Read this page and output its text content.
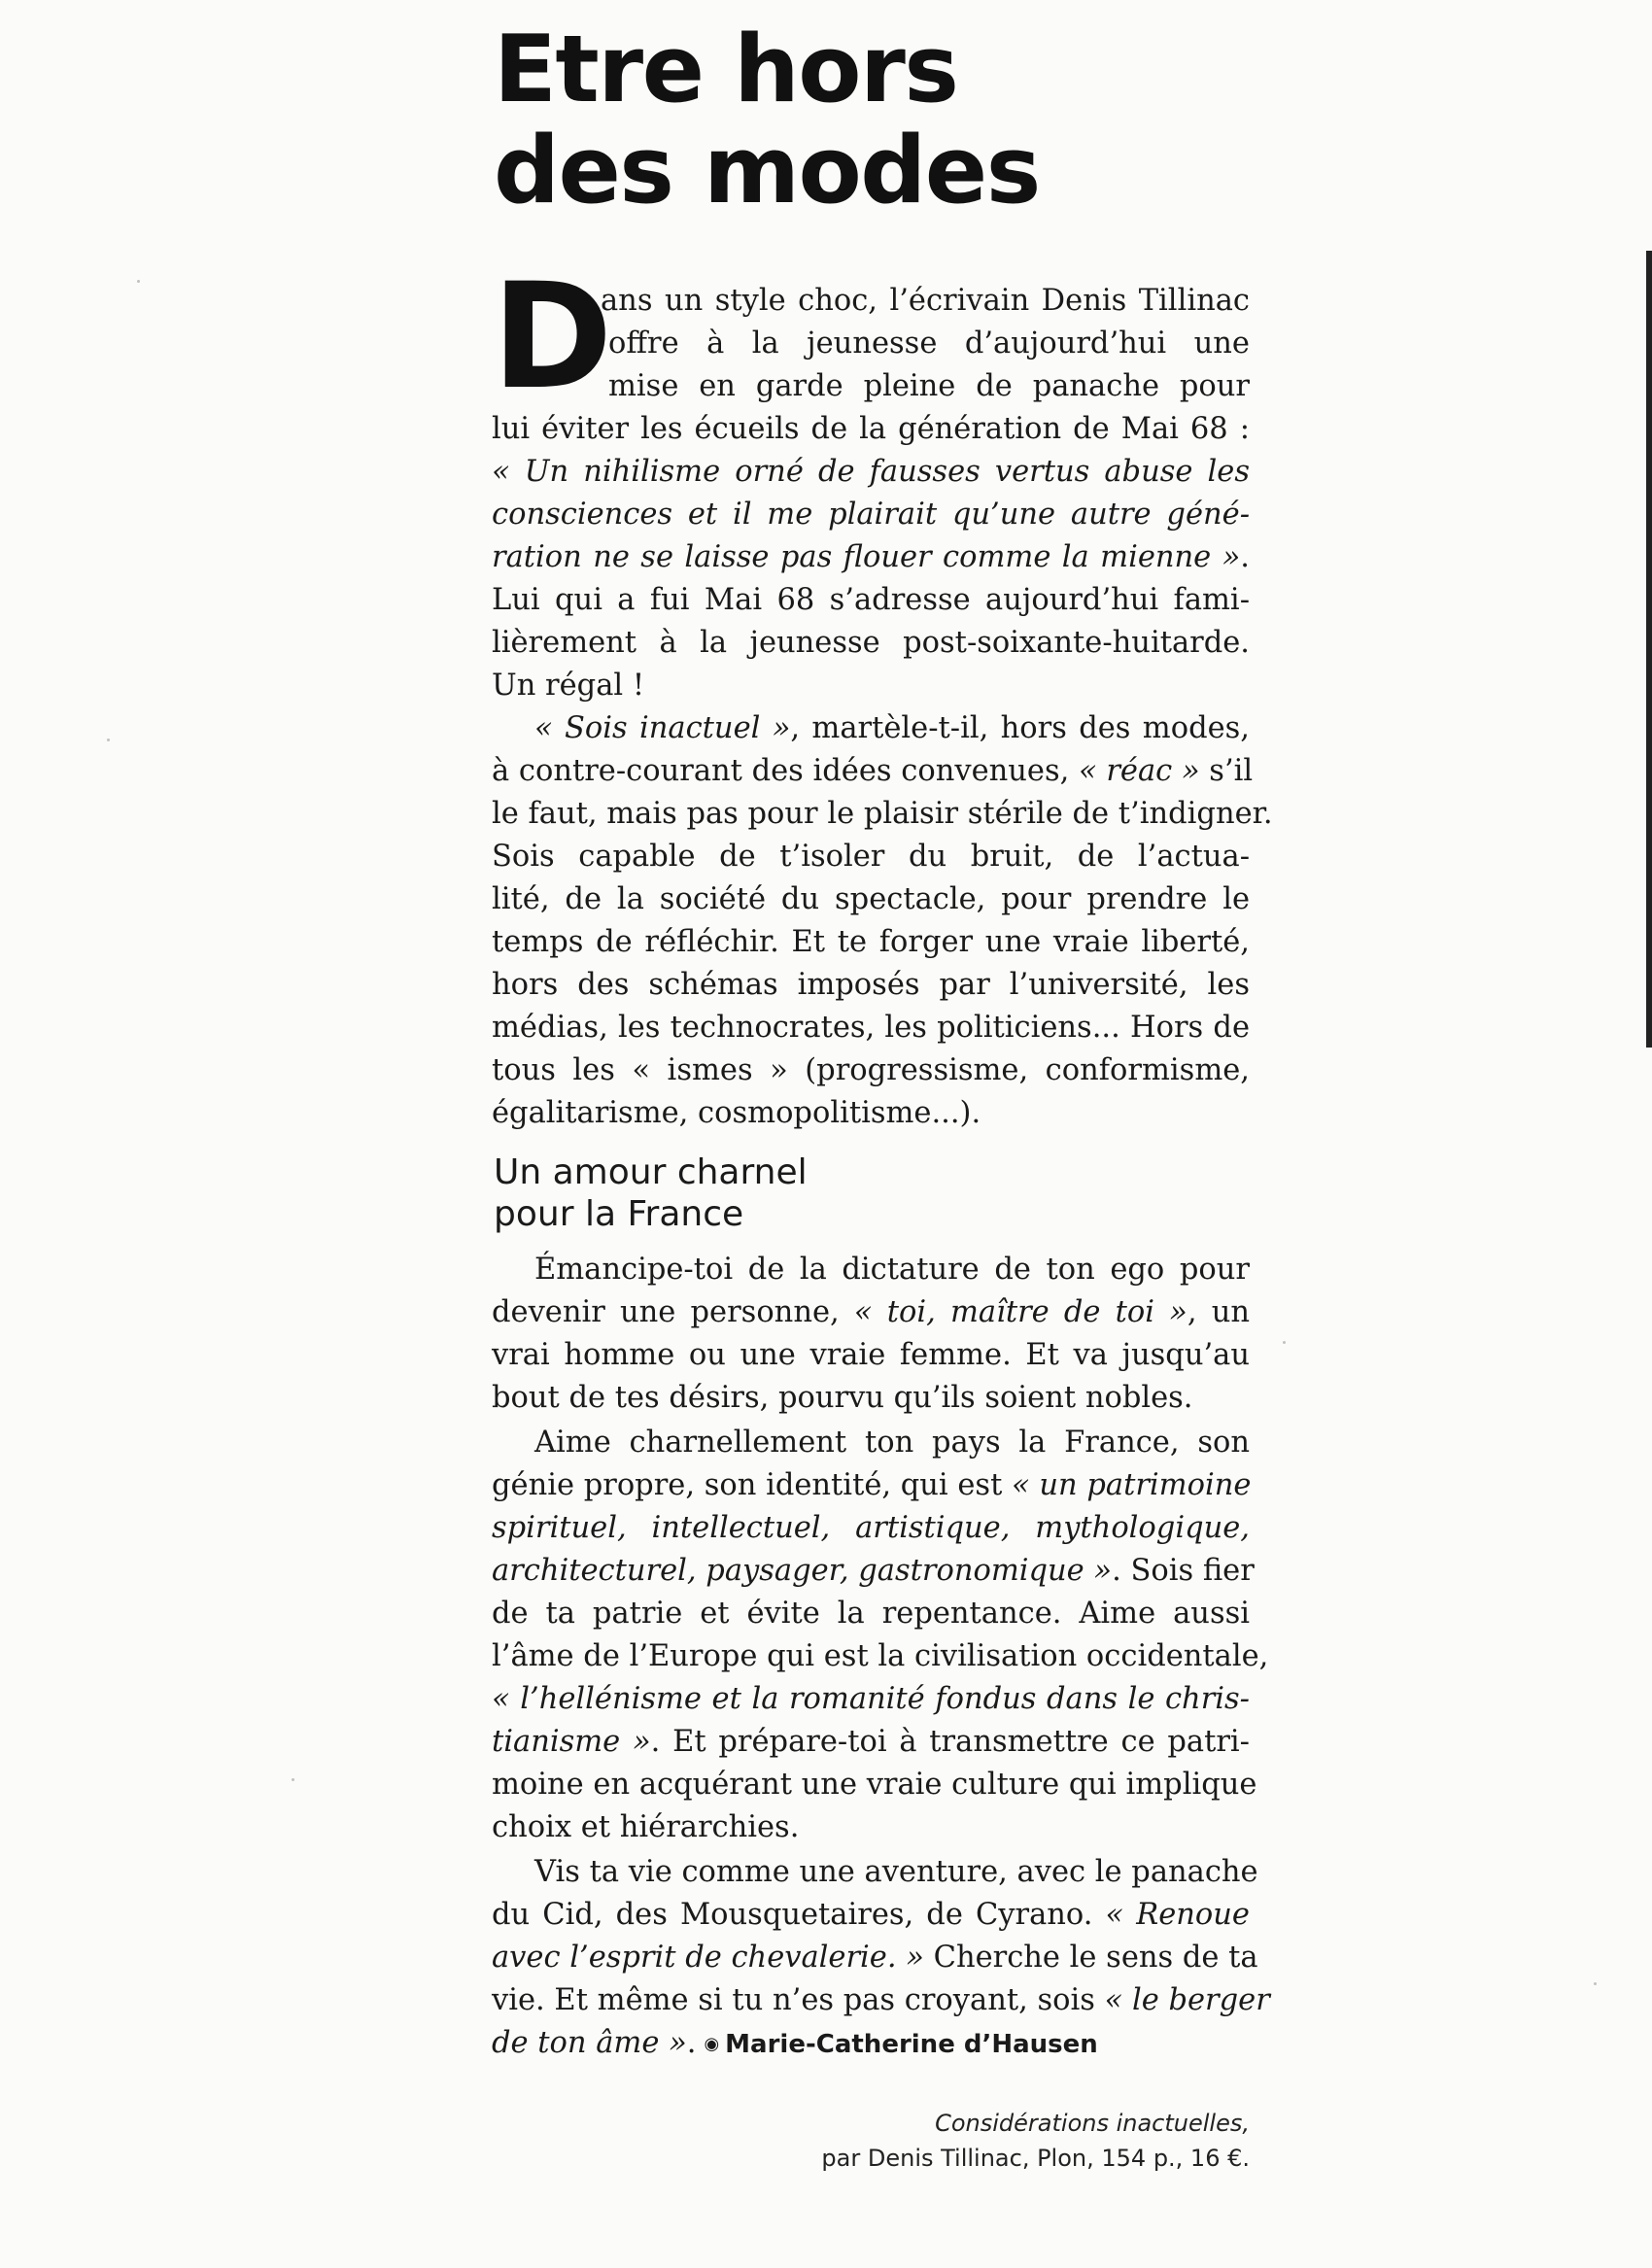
Etre hors
des modes
D
ans un style choc, l’écrivain Denis Tillinac
offre à la jeunesse d’aujourd’hui une
mise en garde pleine de panache pour
lui éviter les écueils de la génération de Mai 68 :
« Un nihilisme orné de fausses vertus abuse les
consciences et il me plairait qu’une autre géné-
ration ne se laisse pas flouer comme la mienne ».
Lui qui a fui Mai 68 s’adresse aujourd’hui fami-
lièrement à la jeunesse post-soixante-huitarde.
Un régal !
« Sois inactuel », martèle-t-il, hors des modes,
à contre-courant des idées convenues, « réac » s’il
le faut, mais pas pour le plaisir stérile de t’indigner.
Sois capable de t’isoler du bruit, de l’actua-
lité, de la société du spectacle, pour prendre le
temps de réfléchir. Et te forger une vraie liberté,
hors des schémas imposés par l’université, les
médias, les technocrates, les politiciens... Hors de
tous les « ismes » (progressisme, conformisme,
égalitarisme, cosmopolitisme...).
Un amour charnel
pour la France
Émancipe-toi de la dictature de ton ego pour
devenir une personne, « toi, maître de toi », un
vrai homme ou une vraie femme. Et va jusqu’au
bout de tes désirs, pourvu qu’ils soient nobles.
Aime charnellement ton pays la France, son
génie propre, son identité, qui est « un patrimoine
spirituel, intellectuel, artistique, mythologique,
architecturel, paysager, gastronomique ». Sois fier
de ta patrie et évite la repentance. Aime aussi
l’âme de l’Europe qui est la civilisation occidentale,
« l’hellénisme et la romanité fondus dans le chris-
tianisme ». Et prépare-toi à transmettre ce patri-
moine en acquérant une vraie culture qui implique
choix et hiérarchies.
Vis ta vie comme une aventure, avec le panache
du Cid, des Mousquetaires, de Cyrano. « Renoue
avec l’esprit de chevalerie. » Cherche le sens de ta
vie. Et même si tu n’es pas croyant, sois « le berger
de ton âme ». ◉ Marie-Catherine d’Hausen
Considérations inactuelles,
par Denis Tillinac, Plon, 154 p., 16 €.
